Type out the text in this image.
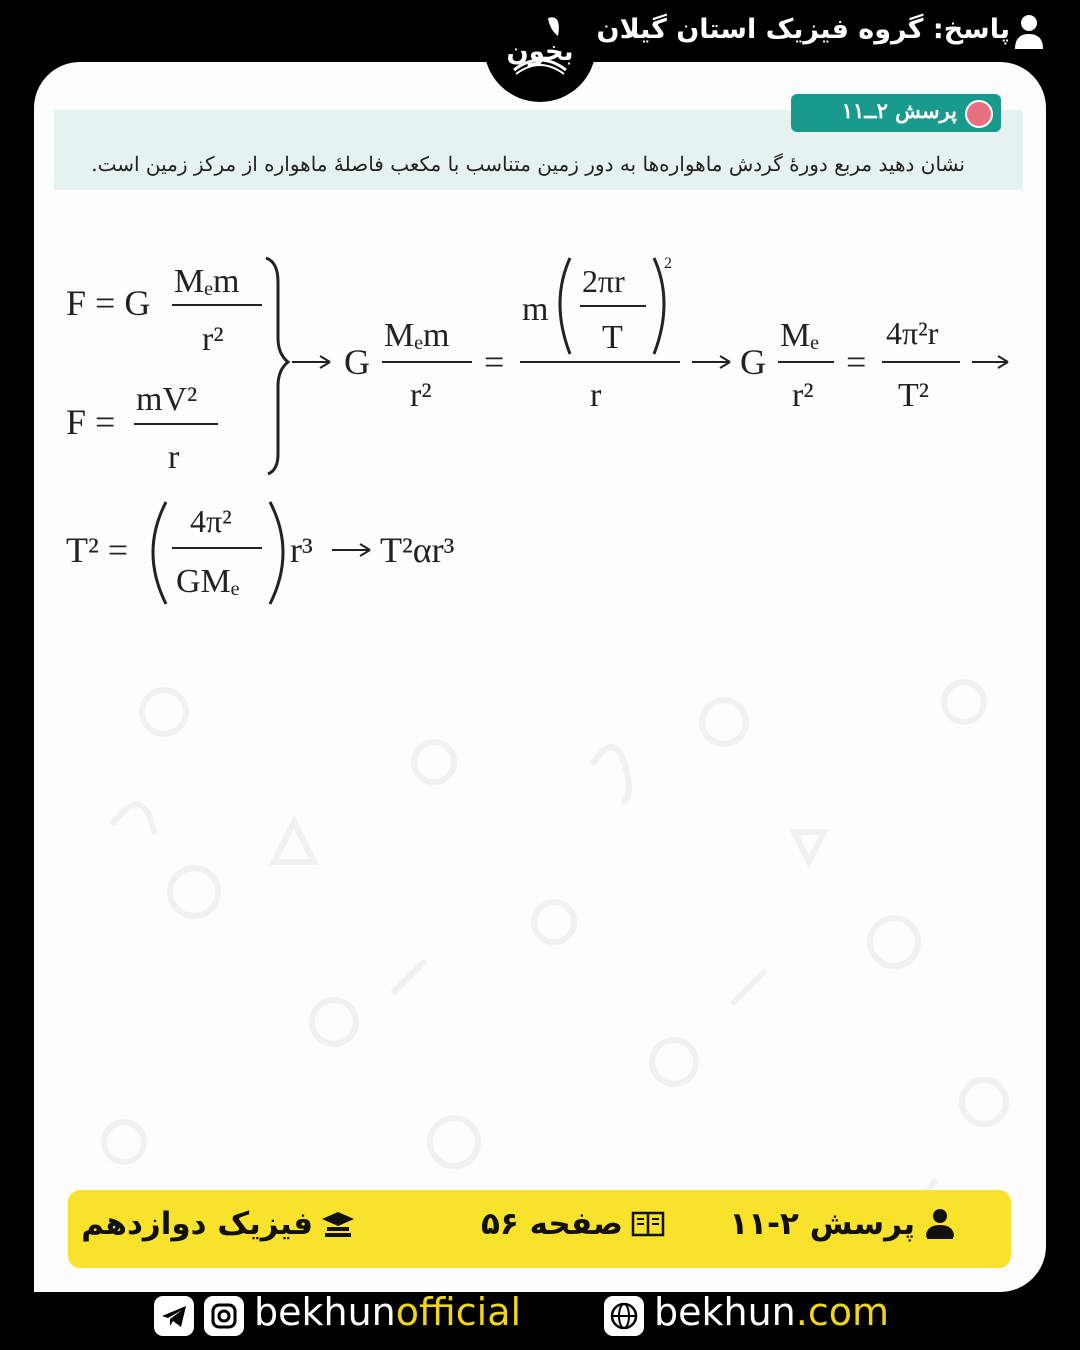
پاسخ: گروه فیزیک استان گیلان
بخون
پرسش ۲ــ۱۱
نشان دهید مربع دورهٔ گردش ماهواره‌ها به دور زمین متناسب با مکعب فاصلهٔ ماهواره از مرکز زمین است.
F = G
Mₑm
r²
F =
mV²
r
G
Mₑm
r²
=
m
2πr
T
2
r
G
Mₑ
r²
=
4π²r
T²
T² =
4π²
GMₑ
r³ T²αr³
پرسش ۲-۱۱
صفحه ۵۶
فیزیک دوازدهم
bekhunofficial	bekhun.com
